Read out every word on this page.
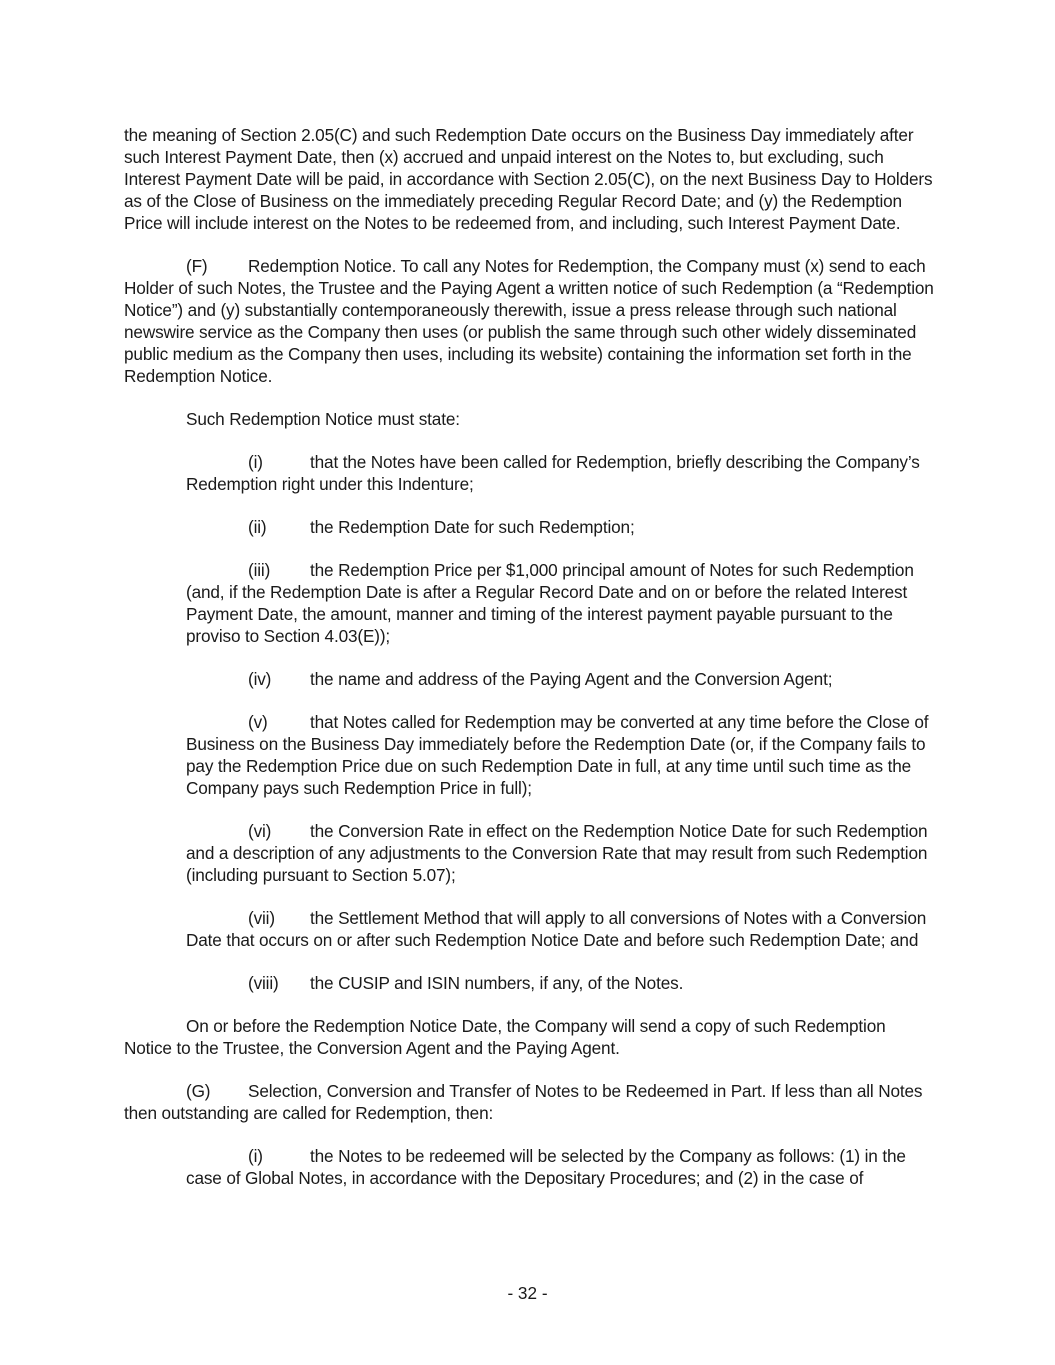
the meaning of Section 2.05(C) and such Redemption Date occurs on the Business Day immediately after such Interest Payment Date, then (x) accrued and unpaid interest on the Notes to, but excluding, such Interest Payment Date will be paid, in accordance with Section 2.05(C), on the next Business Day to Holders as of the Close of Business on the immediately preceding Regular Record Date; and (y) the Redemption Price will include interest on the Notes to be redeemed from, and including, such Interest Payment Date.

(F) Redemption Notice. To call any Notes for Redemption, the Company must (x) send to each Holder of such Notes, the Trustee and the Paying Agent a written notice of such Redemption (a “Redemption Notice”) and (y) substantially contemporaneously therewith, issue a press release through such national newswire service as the Company then uses (or publish the same through such other widely disseminated public medium as the Company then uses, including its website) containing the information set forth in the Redemption Notice.

Such Redemption Notice must state:

(i)	that the Notes have been called for Redemption, briefly describing the Company’s Redemption right under this Indenture;

(ii)	the Redemption Date for such Redemption;

(iii) the Redemption Price per $1,000 principal amount of Notes for such Redemption (and, if the Redemption Date is after a Regular Record Date and on or before the related Interest Payment Date, the amount, manner and timing of the interest payment payable pursuant to the proviso to Section 4.03(E));

(iv) the name and address of the Paying Agent and the Conversion Agent;

(v) that Notes called for Redemption may be converted at any time before the Close of Business on the Business Day immediately before the Redemption Date (or, if the Company fails to pay the Redemption Price due on such Redemption Date in full, at any time until such time as the Company pays such Redemption Price in full);

(vi) the Conversion Rate in effect on the Redemption Notice Date for such Redemption and a description of any adjustments to the Conversion Rate that may result from such Redemption (including pursuant to Section 5.07);

(vii) the Settlement Method that will apply to all conversions of Notes with a Conversion Date that occurs on or after such Redemption Notice Date and before such Redemption Date; and

(viii) the CUSIP and ISIN numbers, if any, of the Notes.

On or before the Redemption Notice Date, the Company will send a copy of such Redemption Notice to the Trustee, the Conversion Agent and the Paying Agent.

(G) Selection, Conversion and Transfer of Notes to be Redeemed in Part. If less than all Notes then outstanding are called for Redemption, then:

(i)	the Notes to be redeemed will be selected by the Company as follows: (1) in the case of Global Notes, in accordance with the Depositary Procedures; and (2) in the case of

- 32 -
